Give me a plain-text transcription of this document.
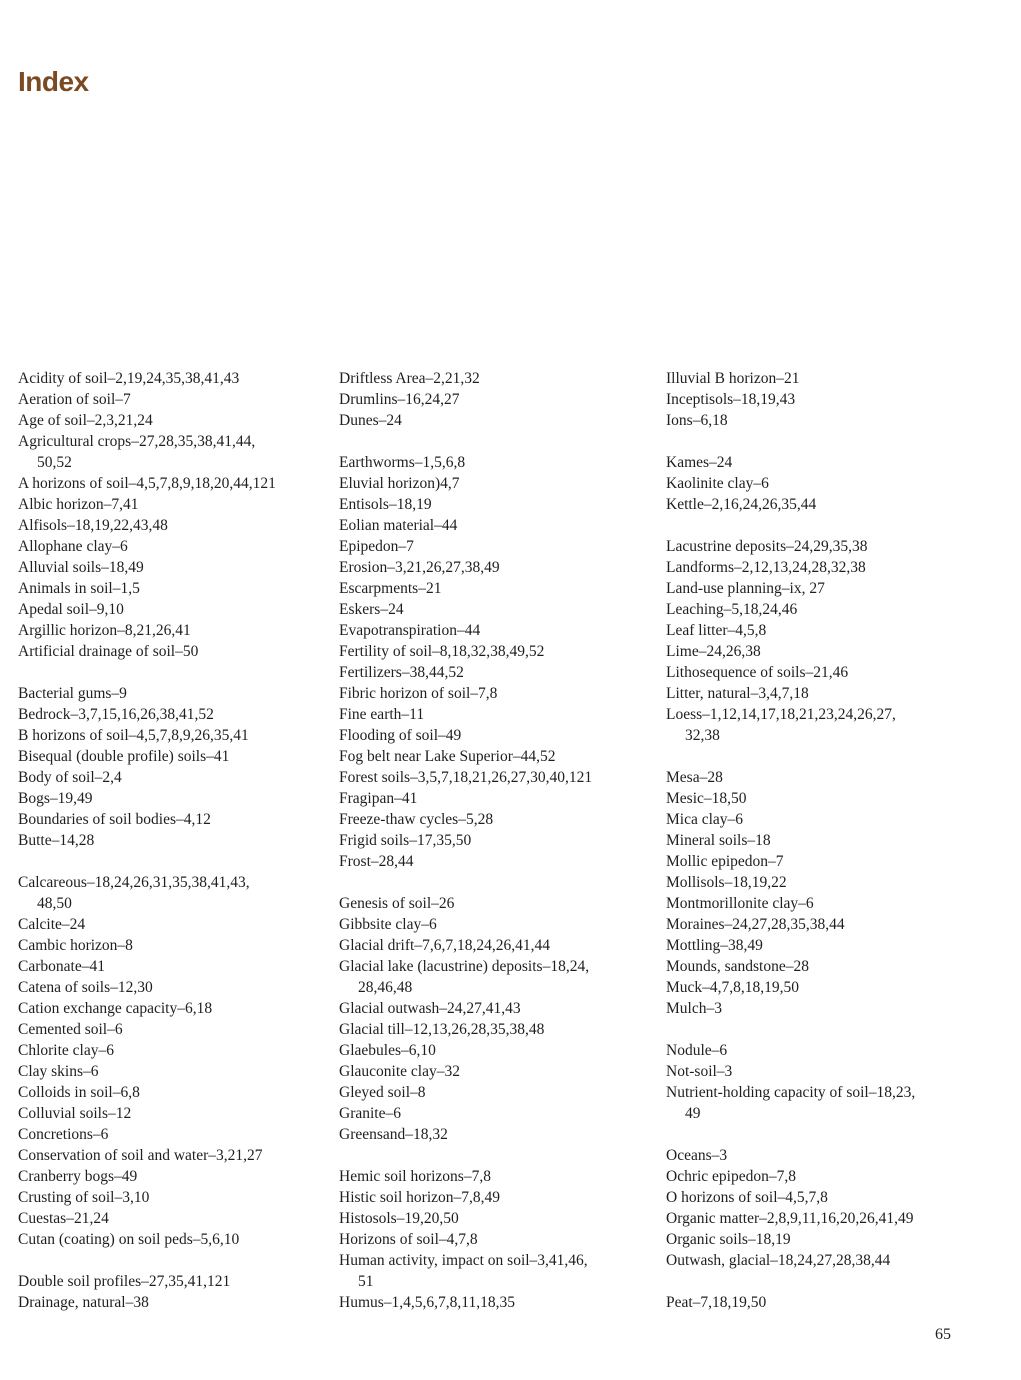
Index
Acidity of soil–2,19,24,35,38,41,43
Aeration of soil–7
Age of soil–2,3,21,24
Agricultural crops–27,28,35,38,41,44,
50,52
A horizons of soil–4,5,7,8,9,18,20,44,121
Albic horizon–7,41
Alfisols–18,19,22,43,48
Allophane clay–6
Alluvial soils–18,49
Animals in soil–1,5
Apedal soil–9,10
Argillic horizon–8,21,26,41
Artificial drainage of soil–50
Bacterial gums–9
Bedrock–3,7,15,16,26,38,41,52
B horizons of soil–4,5,7,8,9,26,35,41
Bisequal (double profile) soils–41
Body of soil–2,4
Bogs–19,49
Boundaries of soil bodies–4,12
Butte–14,28
Calcareous–18,24,26,31,35,38,41,43,
48,50
Calcite–24
Cambic horizon–8
Carbonate–41
Catena of soils–12,30
Cation exchange capacity–6,18
Cemented soil–6
Chlorite clay–6
Clay skins–6
Colloids in soil–6,8
Colluvial soils–12
Concretions–6
Conservation of soil and water–3,21,27
Cranberry bogs–49
Crusting of soil–3,10
Cuestas–21,24
Cutan (coating) on soil peds–5,6,10
Double soil profiles–27,35,41,121
Drainage, natural–38
Driftless Area–2,21,32
Drumlins–16,24,27
Dunes–24
Earthworms–1,5,6,8
Eluvial horizon)4,7
Entisols–18,19
Eolian material–44
Epipedon–7
Erosion–3,21,26,27,38,49
Escarpments–21
Eskers–24
Evapotranspiration–44
Fertility of soil–8,18,32,38,49,52
Fertilizers–38,44,52
Fibric horizon of soil–7,8
Fine earth–11
Flooding of soil–49
Fog belt near Lake Superior–44,52
Forest soils–3,5,7,18,21,26,27,30,40,121
Fragipan–41
Freeze-thaw cycles–5,28
Frigid soils–17,35,50
Frost–28,44
Genesis of soil–26
Gibbsite clay–6
Glacial drift–7,6,7,18,24,26,41,44
Glacial lake (lacustrine) deposits–18,24,
28,46,48
Glacial outwash–24,27,41,43
Glacial till–12,13,26,28,35,38,48
Glaebules–6,10
Glauconite clay–32
Gleyed soil–8
Granite–6
Greensand–18,32
Hemic soil horizons–7,8
Histic soil horizon–7,8,49
Histosols–19,20,50
Horizons of soil–4,7,8
Human activity, impact on soil–3,41,46,
51
Humus–1,4,5,6,7,8,11,18,35
Illuvial B horizon–21
Inceptisols–18,19,43
Ions–6,18
Kames–24
Kaolinite clay–6
Kettle–2,16,24,26,35,44
Lacustrine deposits–24,29,35,38
Landforms–2,12,13,24,28,32,38
Land-use planning–ix, 27
Leaching–5,18,24,46
Leaf litter–4,5,8
Lime–24,26,38
Lithosequence of soils–21,46
Litter, natural–3,4,7,18
Loess–1,12,14,17,18,21,23,24,26,27,
32,38
Mesa–28
Mesic–18,50
Mica clay–6
Mineral soils–18
Mollic epipedon–7
Mollisols–18,19,22
Montmorillonite clay–6
Moraines–24,27,28,35,38,44
Mottling–38,49
Mounds, sandstone–28
Muck–4,7,8,18,19,50
Mulch–3
Nodule–6
Not-soil–3
Nutrient-holding capacity of soil–18,23,
49
Oceans–3
Ochric epipedon–7,8
O horizons of soil–4,5,7,8
Organic matter–2,8,9,11,16,20,26,41,49
Organic soils–18,19
Outwash, glacial–18,24,27,28,38,44
Peat–7,18,19,50
65
